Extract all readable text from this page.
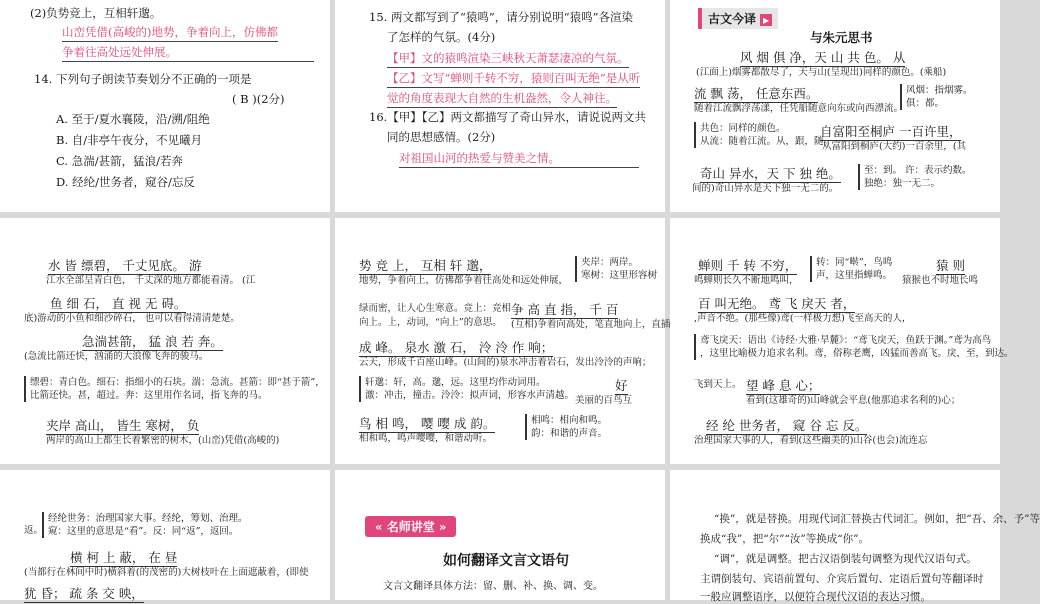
(2)负势竞上，互相轩邈。
山峦凭借(高峻的)地势，争着向上，仿佛都
争着往高处远处伸展。
14. 下列句子朗读节奏划分不正确的一项是
( B )(2分)
A. 至于/夏水襄陵，沿/溯/阻绝
B. 自/非亭午夜分，不见曦月
C. 急湍/甚箭，猛浪/若奔
D. 经纶/世务者，窥谷/忘反
15. 两文都写到了“猿鸣”，请分别说明“猿鸣”各渲染
了怎样的气氛。(4分)
【甲】文的猿鸣渲染三峡秋天萧瑟凄凉的气氛。
【乙】文写“蝉则千转不穷，猿则百叫无绝”是从听
觉的角度表现大自然的生机盎然，令人神往。
16.【甲】【乙】两文都描写了奇山异水，请说说两文共
同的思想感情。(2分)
对祖国山河的热爱与赞美之情。
古文今译 ▶
与朱元思书
风 烟 俱 净，天 山 共 色。 从
(江面上)烟雾都散尽了，天与山(呈现出)同样的颜色。(乘船)
流 飘 荡， 任意东西。
随着江流飘浮荡漾，任凭船随意向东或向西漂流。
风烟：指烟雾。
俱：都。
共色：同样的颜色。
从流：随着江流。从，跟，随。
自富阳至桐庐 一百许里，
从富阳到桐庐(大约)一百余里，(其
奇山 异水，天 下 独 绝。
间的)奇山异水是天下独一无二的。
至：到。 许：表示约数。
独绝：独一无二。
水 皆 缥碧， 千丈见底。 游
江水全部呈青白色， 千丈深的地方都能看清。 (江
鱼 细 石， 直 视 无 碍。
底)游动的小鱼和细沙碎石， 也可以看得清清楚楚。
急湍甚箭， 猛 浪 若 奔。
(急流比箭还快，汹涌的大浪像飞奔的骏马。
缥碧：青白色。细石：指细小的石块。湍：急流。甚箭：即“甚于箭”，
比箭还快。甚，超过。奔：这里用作名词，指飞奔的马。
夹岸 高山， 皆生 寒树， 负
两岸的高山上都生长着繁密的树木，(山峦)凭借(高峻的)
势 竞 上， 互相 轩 邈，
地势，争着向上，仿佛都争着往高处和远处伸展，
夹岸：两岸。
寒树：这里形容树
绿而密，让人心生寒意。竞上：竞相
向上。上，动词，“向上”的意思。
争 高 直 指， 千 百
(互相)争着向高处，笔直地向上，直插
成 峰。 泉水 激 石， 泠 泠 作 响；
云天，形成千百座山峰。(山间的)泉水冲击着岩石，发出泠泠的声响；
轩邈：轩，高。邈，远。这里均作动词用。
激：冲击，撞击。泠泠：拟声词，形容水声清越。
好
美丽的百鸟互
鸟 相 鸣， 嘤 嘤 成 韵。
相和鸣，鸣声嘤嘤，和谐动听。
相鸣：相向和鸣。
韵：和谐的声音。
蝉则 千 转 不穷，
鸣蝉则长久不断地鸣叫，
转：同“啭”，鸟鸣
声，这里指蝉鸣。
猿 则
猿猴也不时地长鸣
百 叫无绝。 鸢 飞 戾天 者，
,声音不绝。(那些像)鸢(一样极力想)飞至高天的人，
鸢飞戾天：语出《诗经·大雅·旱麓》：“鸢飞戾天，鱼跃于渊。”鸢为高鸟
，这里比喻极力追求名利。鸢，俗称老鹰，凶猛而善高飞。戾，至，到达。
飞到天上。 望 峰 息 心；
看到(这雄奇的)山峰就会平息(他那追求名利的)心；
经 纶 世务者， 窥 谷 忘 反。
治理国家大事的人，看到(这些幽美的)山谷(也会)流连忘
返。
经纶世务：治理国家大事。经纶，筹划、治理。
窥：这里的意思是“看”。反：同“返”，返回。
横 柯 上 蔽， 在 昼
(当都行在林间中时)横斜着(的茂密的)大树枝叶在上面遮蔽着，(即使
犹 昏； 疏 条 交 映，
« 名师讲堂 »
如何翻译文言文语句
文言文翻译具体方法：留、删、补、换、调、变。
“换”，就是替换。用现代词汇替换古代词汇。例如，把“吾、余、予”等
换成“我”，把“尔”“汝”等换成“你”。
“调”，就是调整。把古汉语倒装句调整为现代汉语句式。
主谓倒装句、宾语前置句、介宾后置句、定语后置句等翻译时
一般应调整语序，以便符合现代汉语的表达习惯。
